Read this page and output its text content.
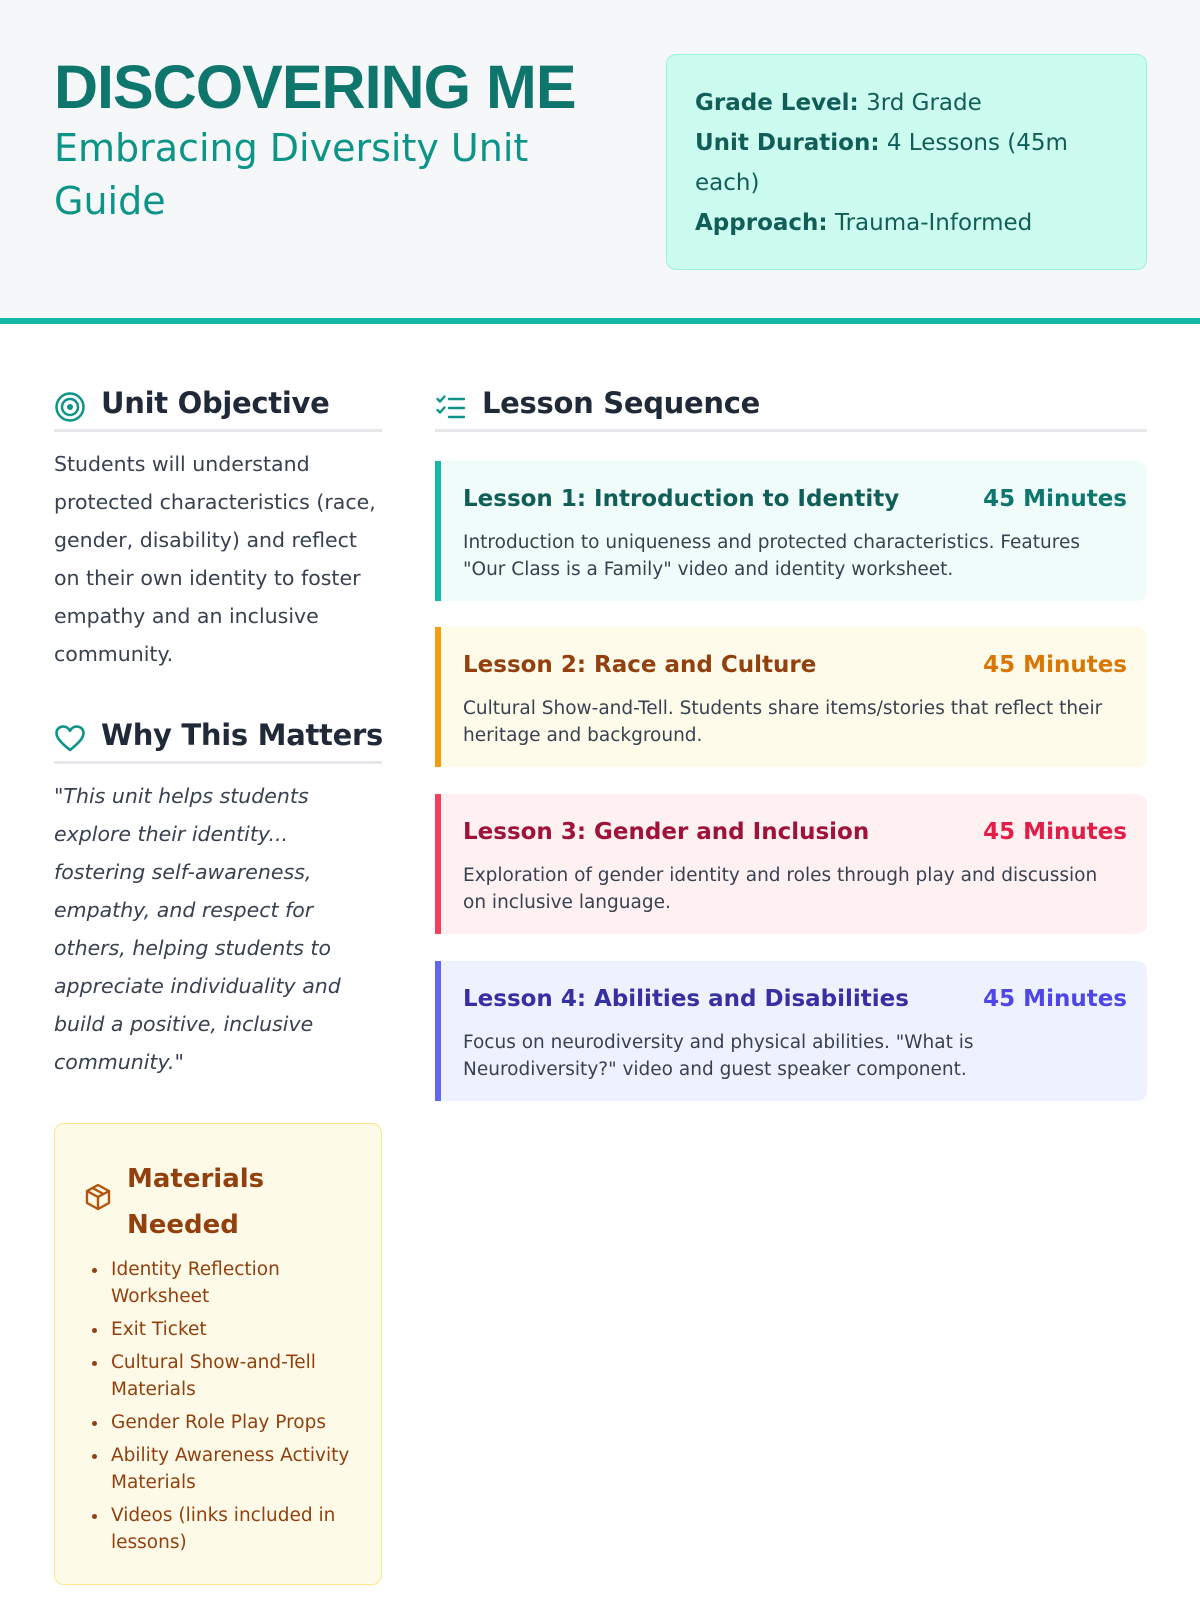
DISCOVERING ME
Embracing Diversity Unit Guide

Grade Level: 3rd Grade

Unit Duration: 4 Lessons (45m each)

Approach: Trauma-Informed

Unit Objective
Students will understand protected characteristics (race, gender, disability) and reflect on their own identity to foster empathy and an inclusive community.
Why This Matters
"This unit helps students explore their identity... fostering self-awareness, empathy, and respect for others, helping students to appreciate individuality and build a positive, inclusive community."
Materials Needed
• Identity Reflection Worksheet
• Exit Ticket
• Cultural Show-and-Tell Materials
• Gender Role Play Props
• Ability Awareness Activity Materials
• Videos (links included in lessons)
Lesson Sequence
Lesson 1: Introduction to Identity	45 Minutes
Introduction to uniqueness and protected characteristics. Features "Our Class is a Family" video and identity worksheet.
Lesson 2: Race and Culture	45 Minutes
Cultural Show-and-Tell. Students share items/stories that reflect their heritage and background.
Lesson 3: Gender and Inclusion	45 Minutes
Exploration of gender identity and roles through play and discussion on inclusive language.
Lesson 4: Abilities and Disabilities	45 Minutes
Focus on neurodiversity and physical abilities. "What is Neurodiversity?" video and guest speaker component.
